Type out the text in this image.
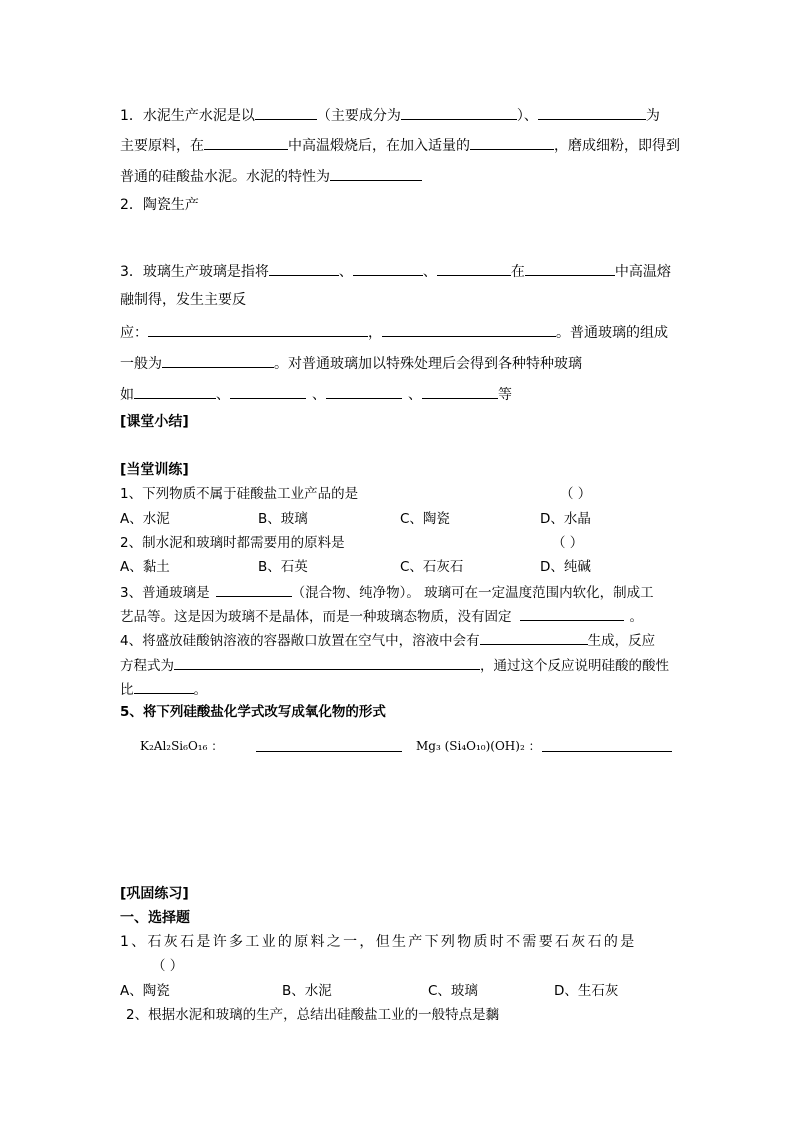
1．水泥生产水泥是以	（主要成分为	）、	为
主要原料，在	中高温煅烧后，在加入适量的	，磨成细粉，即得到
普通的硅酸盐水泥。水泥的特性为
2．陶瓷生产
3．玻璃生产玻璃是指将	、	、	在	中高温熔
融制得，发生主要反
应：	，	。普通玻璃的组成
一般为	。对普通玻璃加以特殊处理后会得到各种特种玻璃
如	、	、	、	等
[课堂小结]
[当堂训练]
1、下列物质不属于硅酸盐工业产品的是	（ ）
A、水泥	B、玻璃	C、陶瓷	D、水晶
2、制水泥和玻璃时都需要用的原料是	（ ）
A、黏土	B、石英	C、石灰石	D、纯碱
3、普通玻璃是	（混合物、纯净物）。 玻璃可在一定温度范围内软化，制成工
艺品等。这是因为玻璃不是晶体，而是一种玻璃态物质，没有固定	。
4、将盛放硅酸钠溶液的容器敞口放置在空气中，溶液中会有	生成，反应
方程式为	，通过这个反应说明硅酸的酸性
比	。
5、将下列硅酸盐化学式改写成氧化物的形式
K₂Al₂Si₆O₁₆ ：	Mg₃ (Si₄O₁₀)(OH)₂ ：
[巩固练习]
一、选择题
1、石灰石是许多工业的原料之一，但生产下列物质时不需要石灰石的是
（ ）
A、陶瓷	B、水泥	C、玻璃	D、生石灰
2、根据水泥和玻璃的生产，总结出硅酸盐工业的一般特点是黐
